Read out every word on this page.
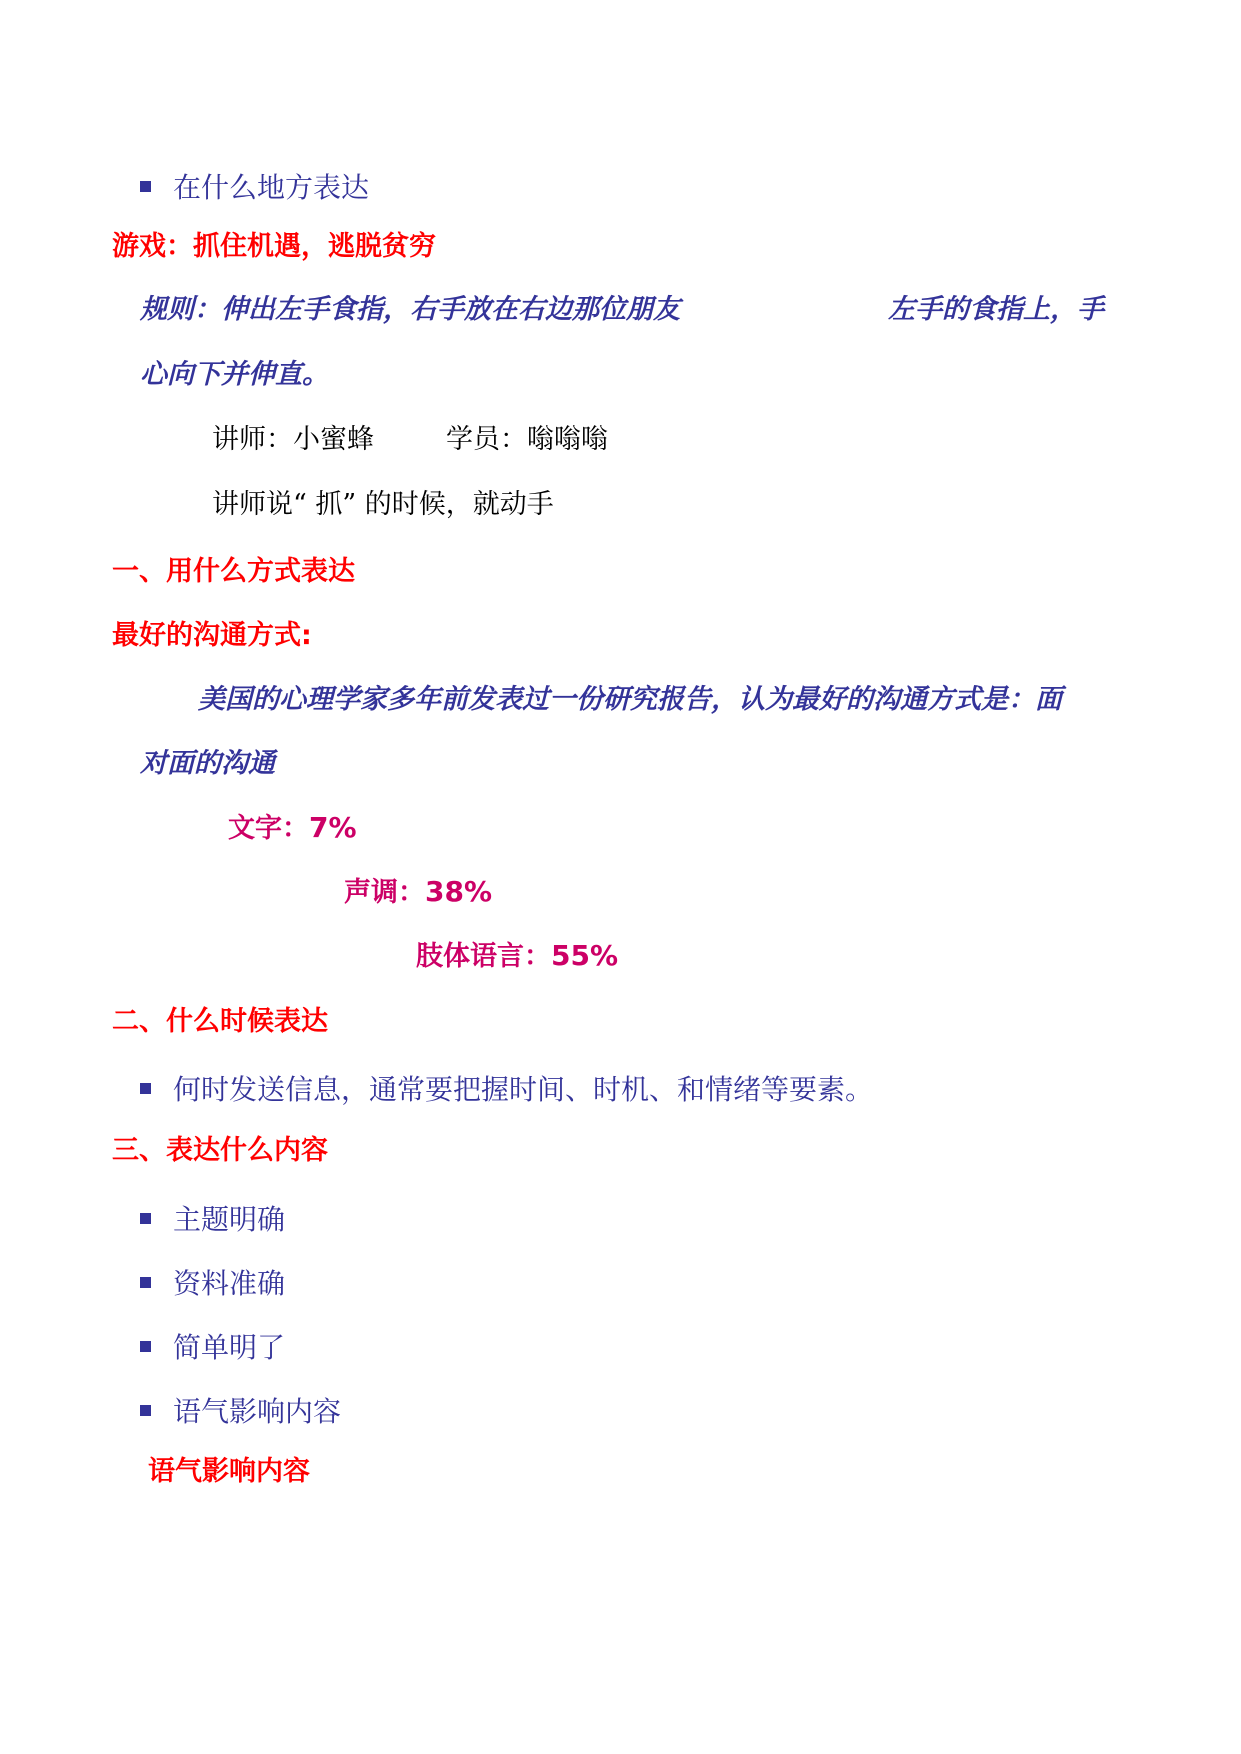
在什么地方表达
游戏：抓住机遇，逃脱贫穷
规则：伸出左手食指，右手放在右边那位朋友	左手的食指上，手
心向下并伸直。
讲师：小蜜蜂	学员：嗡嗡嗡
讲师说“ 抓” 的时候，就动手
一、用什么方式表达
最好的沟通方式:
美国的心理学家多年前发表过一份研究报告，认为最好的沟通方式是：面
对面的沟通
文字：7%
声调：38%
肢体语言：55%
二、什么时候表达
何时发送信息，通常要把握时间、时机、和情绪等要素。
三、表达什么内容
主题明确
资料准确
简单明了
语气影响内容
语气影响内容
